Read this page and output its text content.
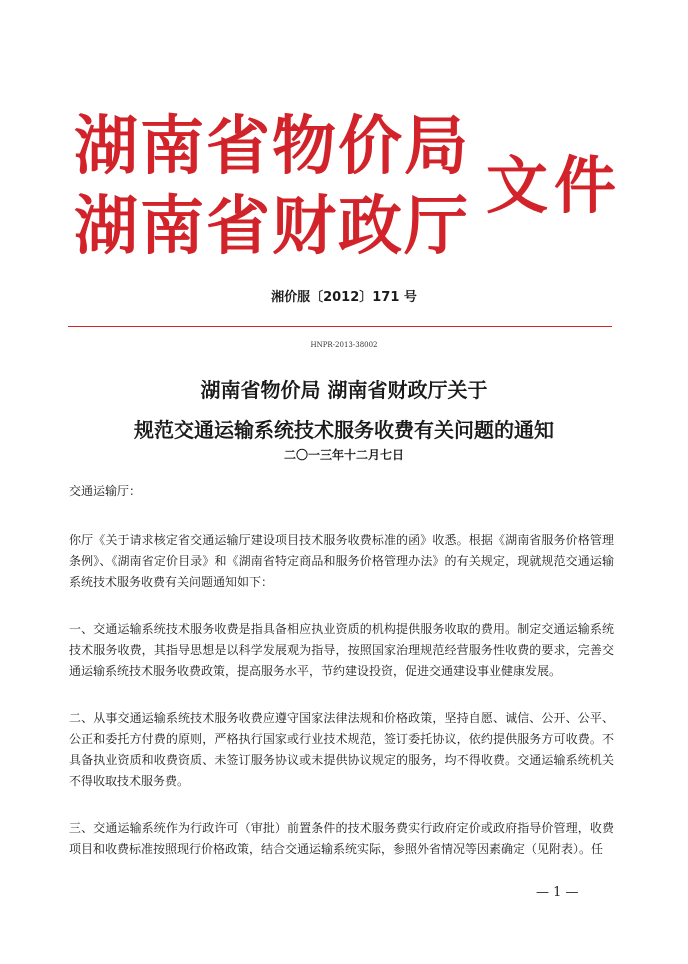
湖南省物价局
湖南省财政厅
文件
湘价服〔2012〕171 号
HNPR-2013-38002
湖南省物价局 湖南省财政厅关于
规范交通运输系统技术服务收费有关问题的通知
二〇一三年十二月七日
交通运输厅：
你厅《关于请求核定省交通运输厅建设项目技术服务收费标准的函》收悉。根据《湖南省服务价格管理条例》、《湖南省定价目录》和《湖南省特定商品和服务价格管理办法》的有关规定，现就规范交通运输系统技术服务收费有关问题通知如下：
一、交通运输系统技术服务收费是指具备相应执业资质的机构提供服务收取的费用。制定交通运输系统技术服务收费，其指导思想是以科学发展观为指导，按照国家治理规范经营服务性收费的要求，完善交通运输系统技术服务收费政策，提高服务水平，节约建设投资，促进交通建设事业健康发展。
二、从事交通运输系统技术服务收费应遵守国家法律法规和价格政策，坚持自愿、诚信、公开、公平、公正和委托方付费的原则，严格执行国家或行业技术规范，签订委托协议，依约提供服务方可收费。不具备执业资质和收费资质、未签订服务协议或未提供协议规定的服务，均不得收费。交通运输系统机关不得收取技术服务费。
三、交通运输系统作为行政许可（审批）前置条件的技术服务费实行政府定价或政府指导价管理，收费项目和收费标准按照现行价格政策，结合交通运输系统实际，参照外省情况等因素确定（见附表）。任
— 1 —
